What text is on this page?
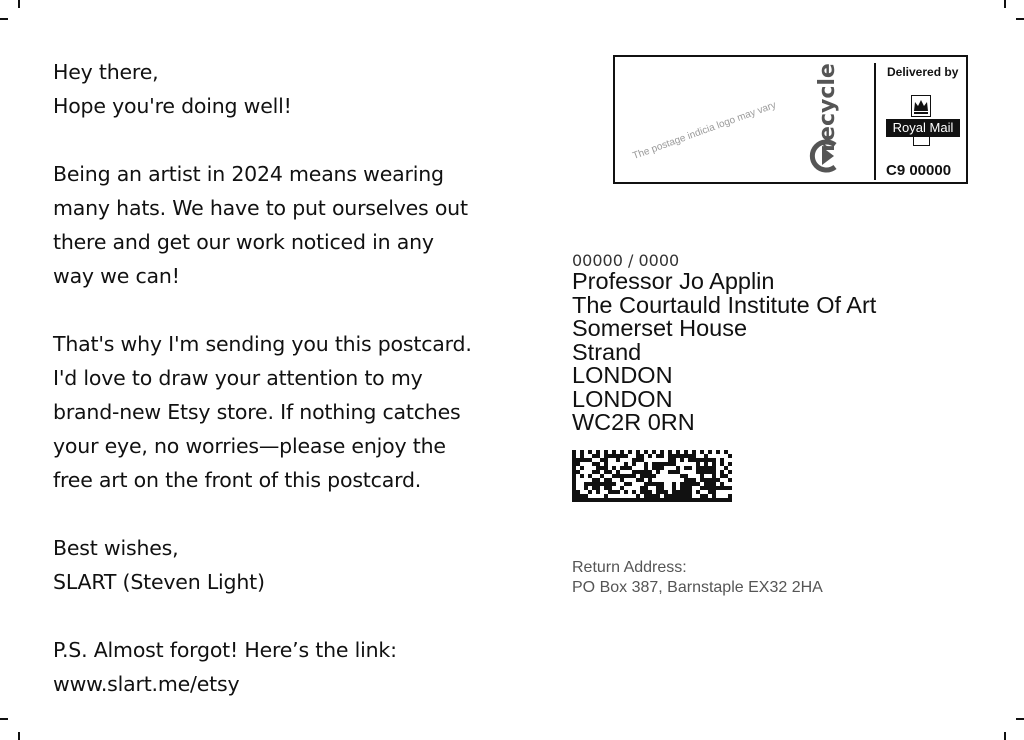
Hey there,
Hope you're doing well!

Being an artist in 2024 means wearing
many hats. We have to put ourselves out
there and get our work noticed in any
way we can!

That's why I'm sending you this postcard.
I'd love to draw your attention to my
brand-new Etsy store. If nothing catches
your eye, no worries—please enjoy the
free art on the front of this postcard.

Best wishes,
SLART (Steven Light)

P.S. Almost forgot! Here’s the link:
www.slart.me/etsy

The postage indicia logo may vary recycle	Delivered by
Royal Mail
C9 00000
00000 / 0000
Professor Jo Applin
The Courtauld Institute Of Art
Somerset House
Strand
LONDON
LONDON
WC2R 0RN
Return Address:
PO Box 387, Barnstaple EX32 2HA
